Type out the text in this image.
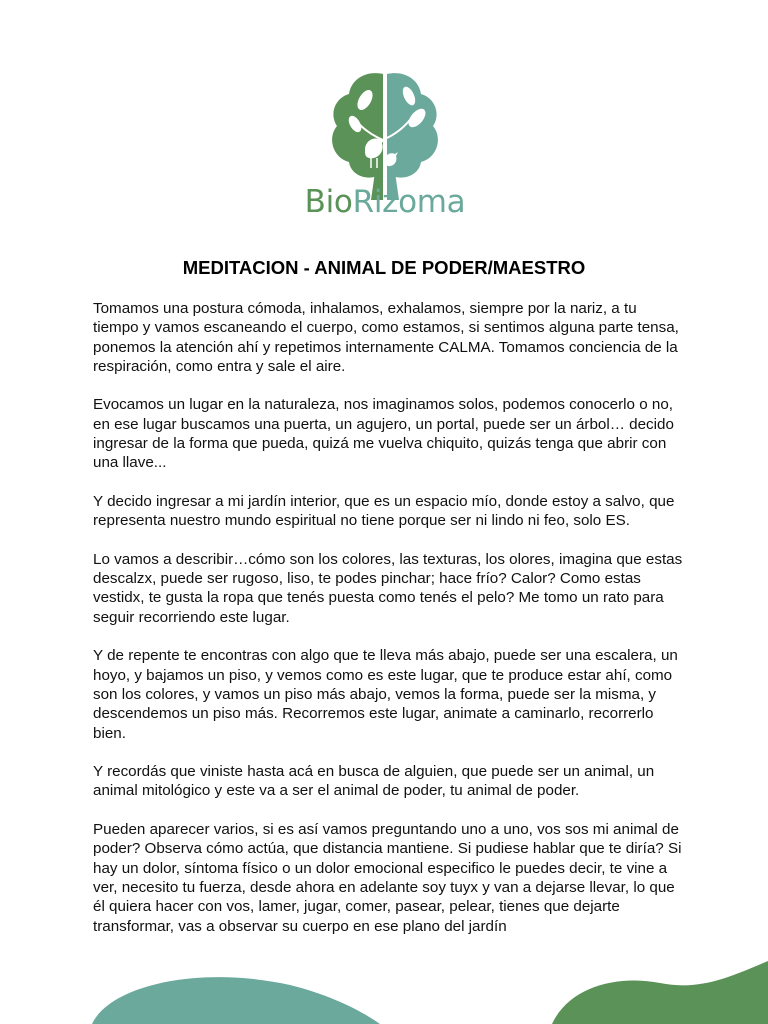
BioRizoma
MEDITACION - ANIMAL DE PODER/MAESTRO

Tomamos una postura cómoda, inhalamos, exhalamos, siempre por la nariz, a tu tiempo y vamos escaneando el cuerpo, como estamos, si sentimos alguna parte tensa, ponemos la atención ahí y repetimos internamente CALMA. Tomamos conciencia de la respiración, como entra y sale el aire.

Evocamos un lugar en la naturaleza, nos imaginamos solos, podemos conocerlo o no, en ese lugar buscamos una puerta, un agujero, un portal, puede ser un árbol… decido ingresar de la forma que pueda, quizá me vuelva chiquito, quizás tenga que abrir con una llave...

Y decido ingresar a mi jardín interior, que es un espacio mío, donde estoy a salvo, que representa nuestro mundo espiritual no tiene porque ser ni lindo ni feo, solo ES.

Lo vamos a describir…cómo son los colores, las texturas, los olores, imagina que estas descalzx, puede ser rugoso, liso, te podes pinchar; hace frío? Calor? Como estas vestidx, te gusta la ropa que tenés puesta como tenés el pelo? Me tomo un rato para seguir recorriendo este lugar.

Y de repente te encontras con algo que te lleva más abajo, puede ser una escalera, un hoyo, y bajamos un piso, y vemos como es este lugar, que te produce estar ahí, como son los colores, y vamos un piso más abajo, vemos la forma, puede ser la misma, y descendemos un piso más. Recorremos este lugar, animate a caminarlo, recorrerlo bien.

Y recordás que viniste hasta acá en busca de alguien, que puede ser un animal, un animal mitológico y este va a ser el animal de poder, tu animal de poder.

Pueden aparecer varios, si es así vamos preguntando uno a uno, vos sos mi animal de poder? Observa cómo actúa, que distancia mantiene. Si pudiese hablar que te diría? Si hay un dolor, síntoma físico o un dolor emocional especifico le puedes decir, te vine a ver, necesito tu fuerza, desde ahora en adelante soy tuyx y van a dejarse llevar, lo que él quiera hacer con vos, lamer, jugar, comer, pasear, pelear, tienes que dejarte transformar, vas a observar su cuerpo en ese plano del jardín
